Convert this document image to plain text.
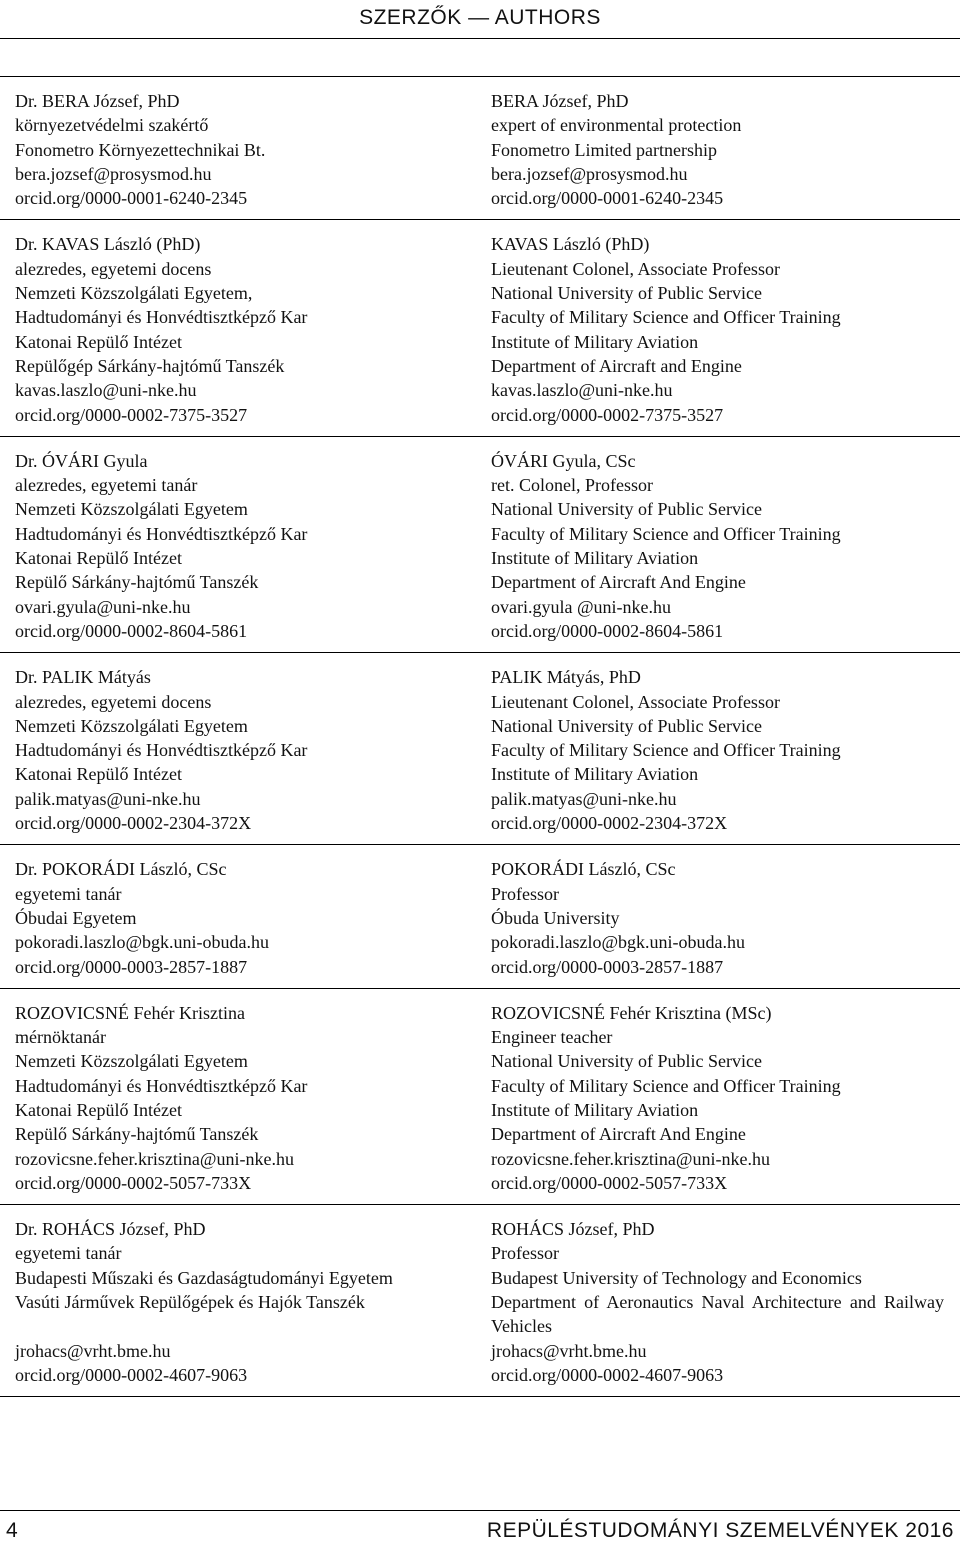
SZERZŐK — AUTHORS
Dr. BERA József, PhD
környezetvédelmi szakértő
Fonometro Környezettechnikai Bt.
bera.jozsef@prosysmod.hu
orcid.org/0000-0001-6240-2345
BERA József, PhD
expert of environmental protection
Fonometro Limited partnership
bera.jozsef@prosysmod.hu
orcid.org/0000-0001-6240-2345
Dr. KAVAS László (PhD)
alezredes, egyetemi docens
Nemzeti Közszolgálati Egyetem,
Hadtudományi és Honvédtisztképző Kar
Katonai Repülő Intézet
Repülőgép Sárkány-hajtómű Tanszék
kavas.laszlo@uni-nke.hu
orcid.org/0000-0002-7375-3527
KAVAS László (PhD)
Lieutenant Colonel, Associate Professor
National University of Public Service
Faculty of Military Science and Officer Training
Institute of Military Aviation
Department of Aircraft and Engine
kavas.laszlo@uni-nke.hu
orcid.org/0000-0002-7375-3527
Dr. ÓVÁRI Gyula
alezredes, egyetemi tanár
Nemzeti Közszolgálati Egyetem
Hadtudományi és Honvédtisztképző Kar
Katonai Repülő Intézet
Repülő Sárkány-hajtómű Tanszék
ovari.gyula@uni-nke.hu
orcid.org/0000-0002-8604-5861
ÓVÁRI Gyula, CSc
ret. Colonel, Professor
National University of Public Service
Faculty of Military Science and Officer Training
Institute of Military Aviation
Department of Aircraft And Engine
ovari.gyula @uni-nke.hu
orcid.org/0000-0002-8604-5861
Dr. PALIK Mátyás
alezredes, egyetemi docens
Nemzeti Közszolgálati Egyetem
Hadtudományi és Honvédtisztképző Kar
Katonai Repülő Intézet
palik.matyas@uni-nke.hu
orcid.org/0000-0002-2304-372X
PALIK Mátyás, PhD
Lieutenant Colonel, Associate Professor
National University of Public Service
Faculty of Military Science and Officer Training
Institute of Military Aviation
palik.matyas@uni-nke.hu
orcid.org/0000-0002-2304-372X
Dr. POKORÁDI László, CSc
egyetemi tanár
Óbudai Egyetem
pokoradi.laszlo@bgk.uni-obuda.hu
orcid.org/0000-0003-2857-1887
POKORÁDI László, CSc
Professor
Óbuda University
pokoradi.laszlo@bgk.uni-obuda.hu
orcid.org/0000-0003-2857-1887
ROZOVICSNÉ Fehér Krisztina
mérnöktanár
Nemzeti Közszolgálati Egyetem
Hadtudományi és Honvédtisztképző Kar
Katonai Repülő Intézet
Repülő Sárkány-hajtómű Tanszék
rozovicsne.feher.krisztina@uni-nke.hu
orcid.org/0000-0002-5057-733X
ROZOVICSNÉ Fehér Krisztina (MSc)
Engineer teacher
National University of Public Service
Faculty of Military Science and Officer Training
Institute of Military Aviation
Department of Aircraft And Engine
rozovicsne.feher.krisztina@uni-nke.hu
orcid.org/0000-0002-5057-733X
Dr. ROHÁCS József, PhD
egyetemi tanár
Budapesti Műszaki és Gazdaságtudományi Egyetem
Vasúti Járművek Repülőgépek és Hajók Tanszék
jrohacs@vrht.bme.hu
orcid.org/0000-0002-4607-9063
ROHÁCS József, PhD
Professor
Budapest University of Technology and Economics
Department of Aeronautics Naval Architecture and Railway Vehicles
jrohacs@vrht.bme.hu
orcid.org/0000-0002-4607-9063
4	REPÜLÉSTUDOMÁNYI SZEMELVÉNYEK 2016
